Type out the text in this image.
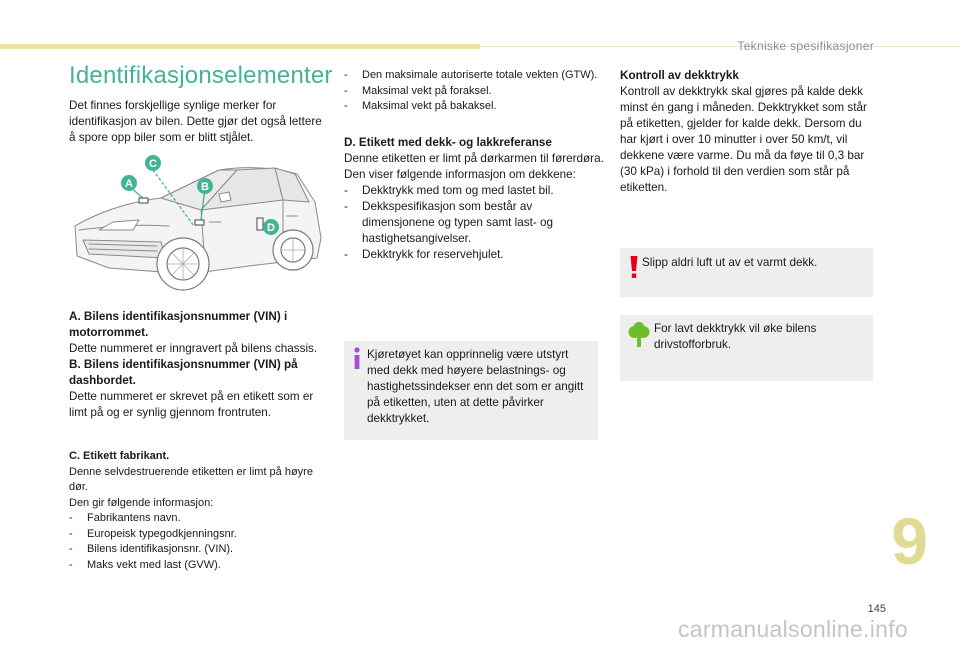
Tekniske spesifikasjoner
Identifikasjonselementer

Det finnes forskjellige synlige merker for identifikasjon av bilen. Dette gjør det også lettere å spore opp biler som er blitt stjålet.

A	B
C
D

A. Bilens identifikasjonsnummer (VIN) i motorrommet.

Dette nummeret er inngravert på bilens chassis.

B. Bilens identifikasjonsnummer (VIN) på dashbordet.

Dette nummeret er skrevet på en etikett som er limt på og er synlig gjennom frontruten.

C. Etikett fabrikant.

Denne selvdestruerende etiketten er limt på høyre dør.

Den gir følgende informasjon:

- Fabrikantens navn.
- Europeisk typegodkjenningsnr.
- Bilens identifikasjonsnr. (VIN).
- Maks vekt med last (GVW).
- Den maksimale autoriserte totale vekten (GTW).
- Maksimal vekt på foraksel.
- Maksimal vekt på bakaksel.

D. Etikett med dekk- og lakkreferanse

Denne etiketten er limt på dørkarmen til førerdøra.

Den viser følgende informasjon om dekkene:

- Dekktrykk med tom og med lastet bil.
- Dekkspesifikasjon som består av dimensjonene og typen samt last- og hastighetsangivelser.
- Dekktrykk for reservehjulet.

Kjøretøyet kan opprinnelig være utstyrt med dekk med høyere belastnings- og hastighetssindekser enn det som er angitt på etiketten, uten at dette påvirker dekktrykket.

Kontroll av dekktrykk

Kontroll av dekktrykk skal gjøres på kalde dekk minst én gang i måneden. Dekktrykket som står på etiketten, gjelder for kalde dekk. Dersom du har kjørt i over 10 minutter i over 50 km/t, vil dekkene være varme. Du må da føye til 0,3 bar (30 kPa) i forhold til den verdien som står på etiketten.

Slipp aldri luft ut av et varmt dekk.

For lavt dekktrykk vil øke bilens drivstofforbruk.

9
145
carmanualsonline.info
